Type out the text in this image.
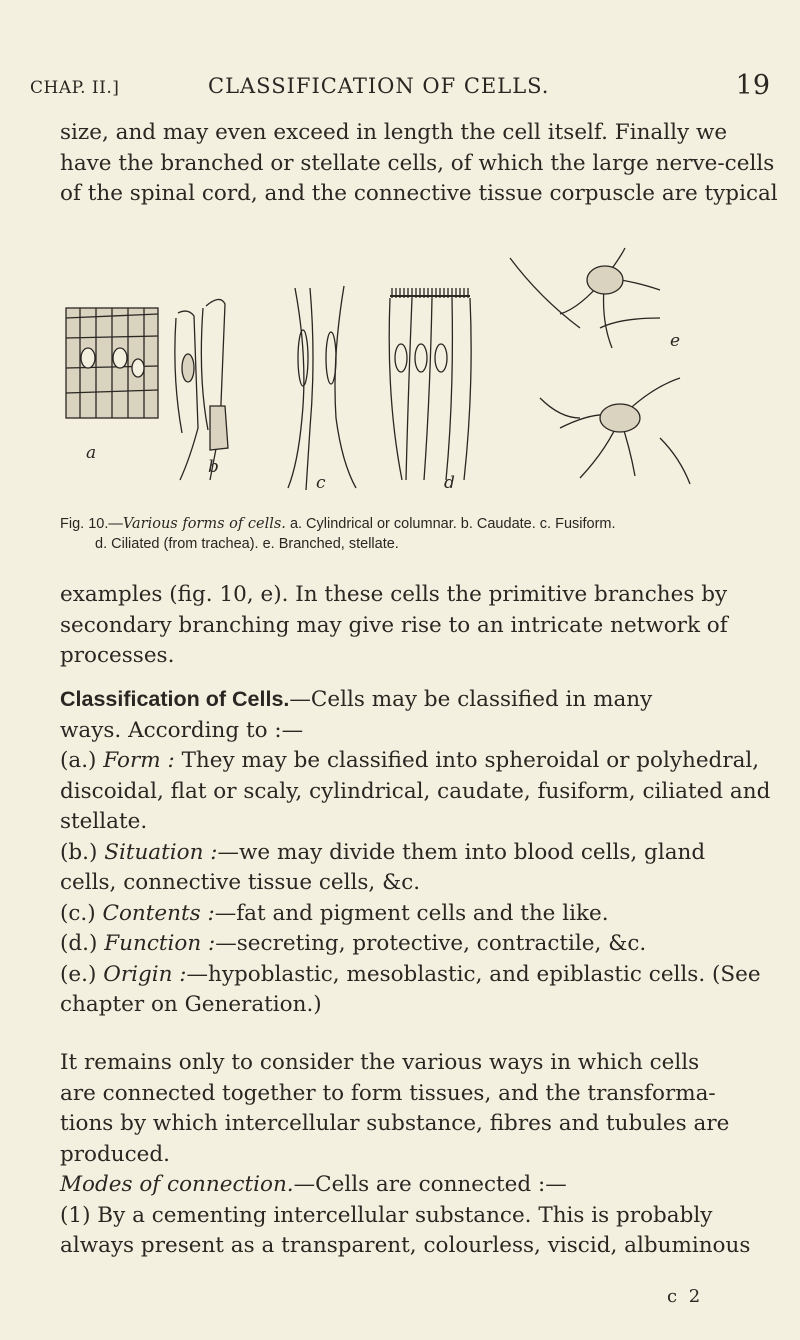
CHAP. II.]	CLASSIFICATION OF CELLS.	19

size, and may even exceed in length the cell itself. Finally we
have the branched or stellate cells, of which the large nerve-cells
of the spinal cord, and the connective tissue corpuscle are typical

a
b
c	d
e
Fig. 10.—Various forms of cells. a. Cylindrical or columnar. b. Caudate. c. Fusiform.
d. Ciliated (from trachea). e. Branched, stellate.

examples (fig. 10, e). In these cells the primitive branches by
secondary branching may give rise to an intricate network of
processes.

Classification of Cells.—Cells may be classified in many
ways. According to :—
(a.) Form : They may be classified into spheroidal or polyhedral,
discoidal, flat or scaly, cylindrical, caudate, fusiform, ciliated and
stellate.
(b.) Situation :—we may divide them into blood cells, gland
cells, connective tissue cells, &c.
(c.) Contents :—fat and pigment cells and the like.
(d.) Function :—secreting, protective, contractile, &c.
(e.) Origin :—hypoblastic, mesoblastic, and epiblastic cells. (See
chapter on Generation.)

It remains only to consider the various ways in which cells
are connected together to form tissues, and the transforma-
tions by which intercellular substance, fibres and tubules are
produced.
Modes of connection.—Cells are connected :—
(1) By a cementing intercellular substance. This is probably
always present as a transparent, colourless, viscid, albuminous

c 2
